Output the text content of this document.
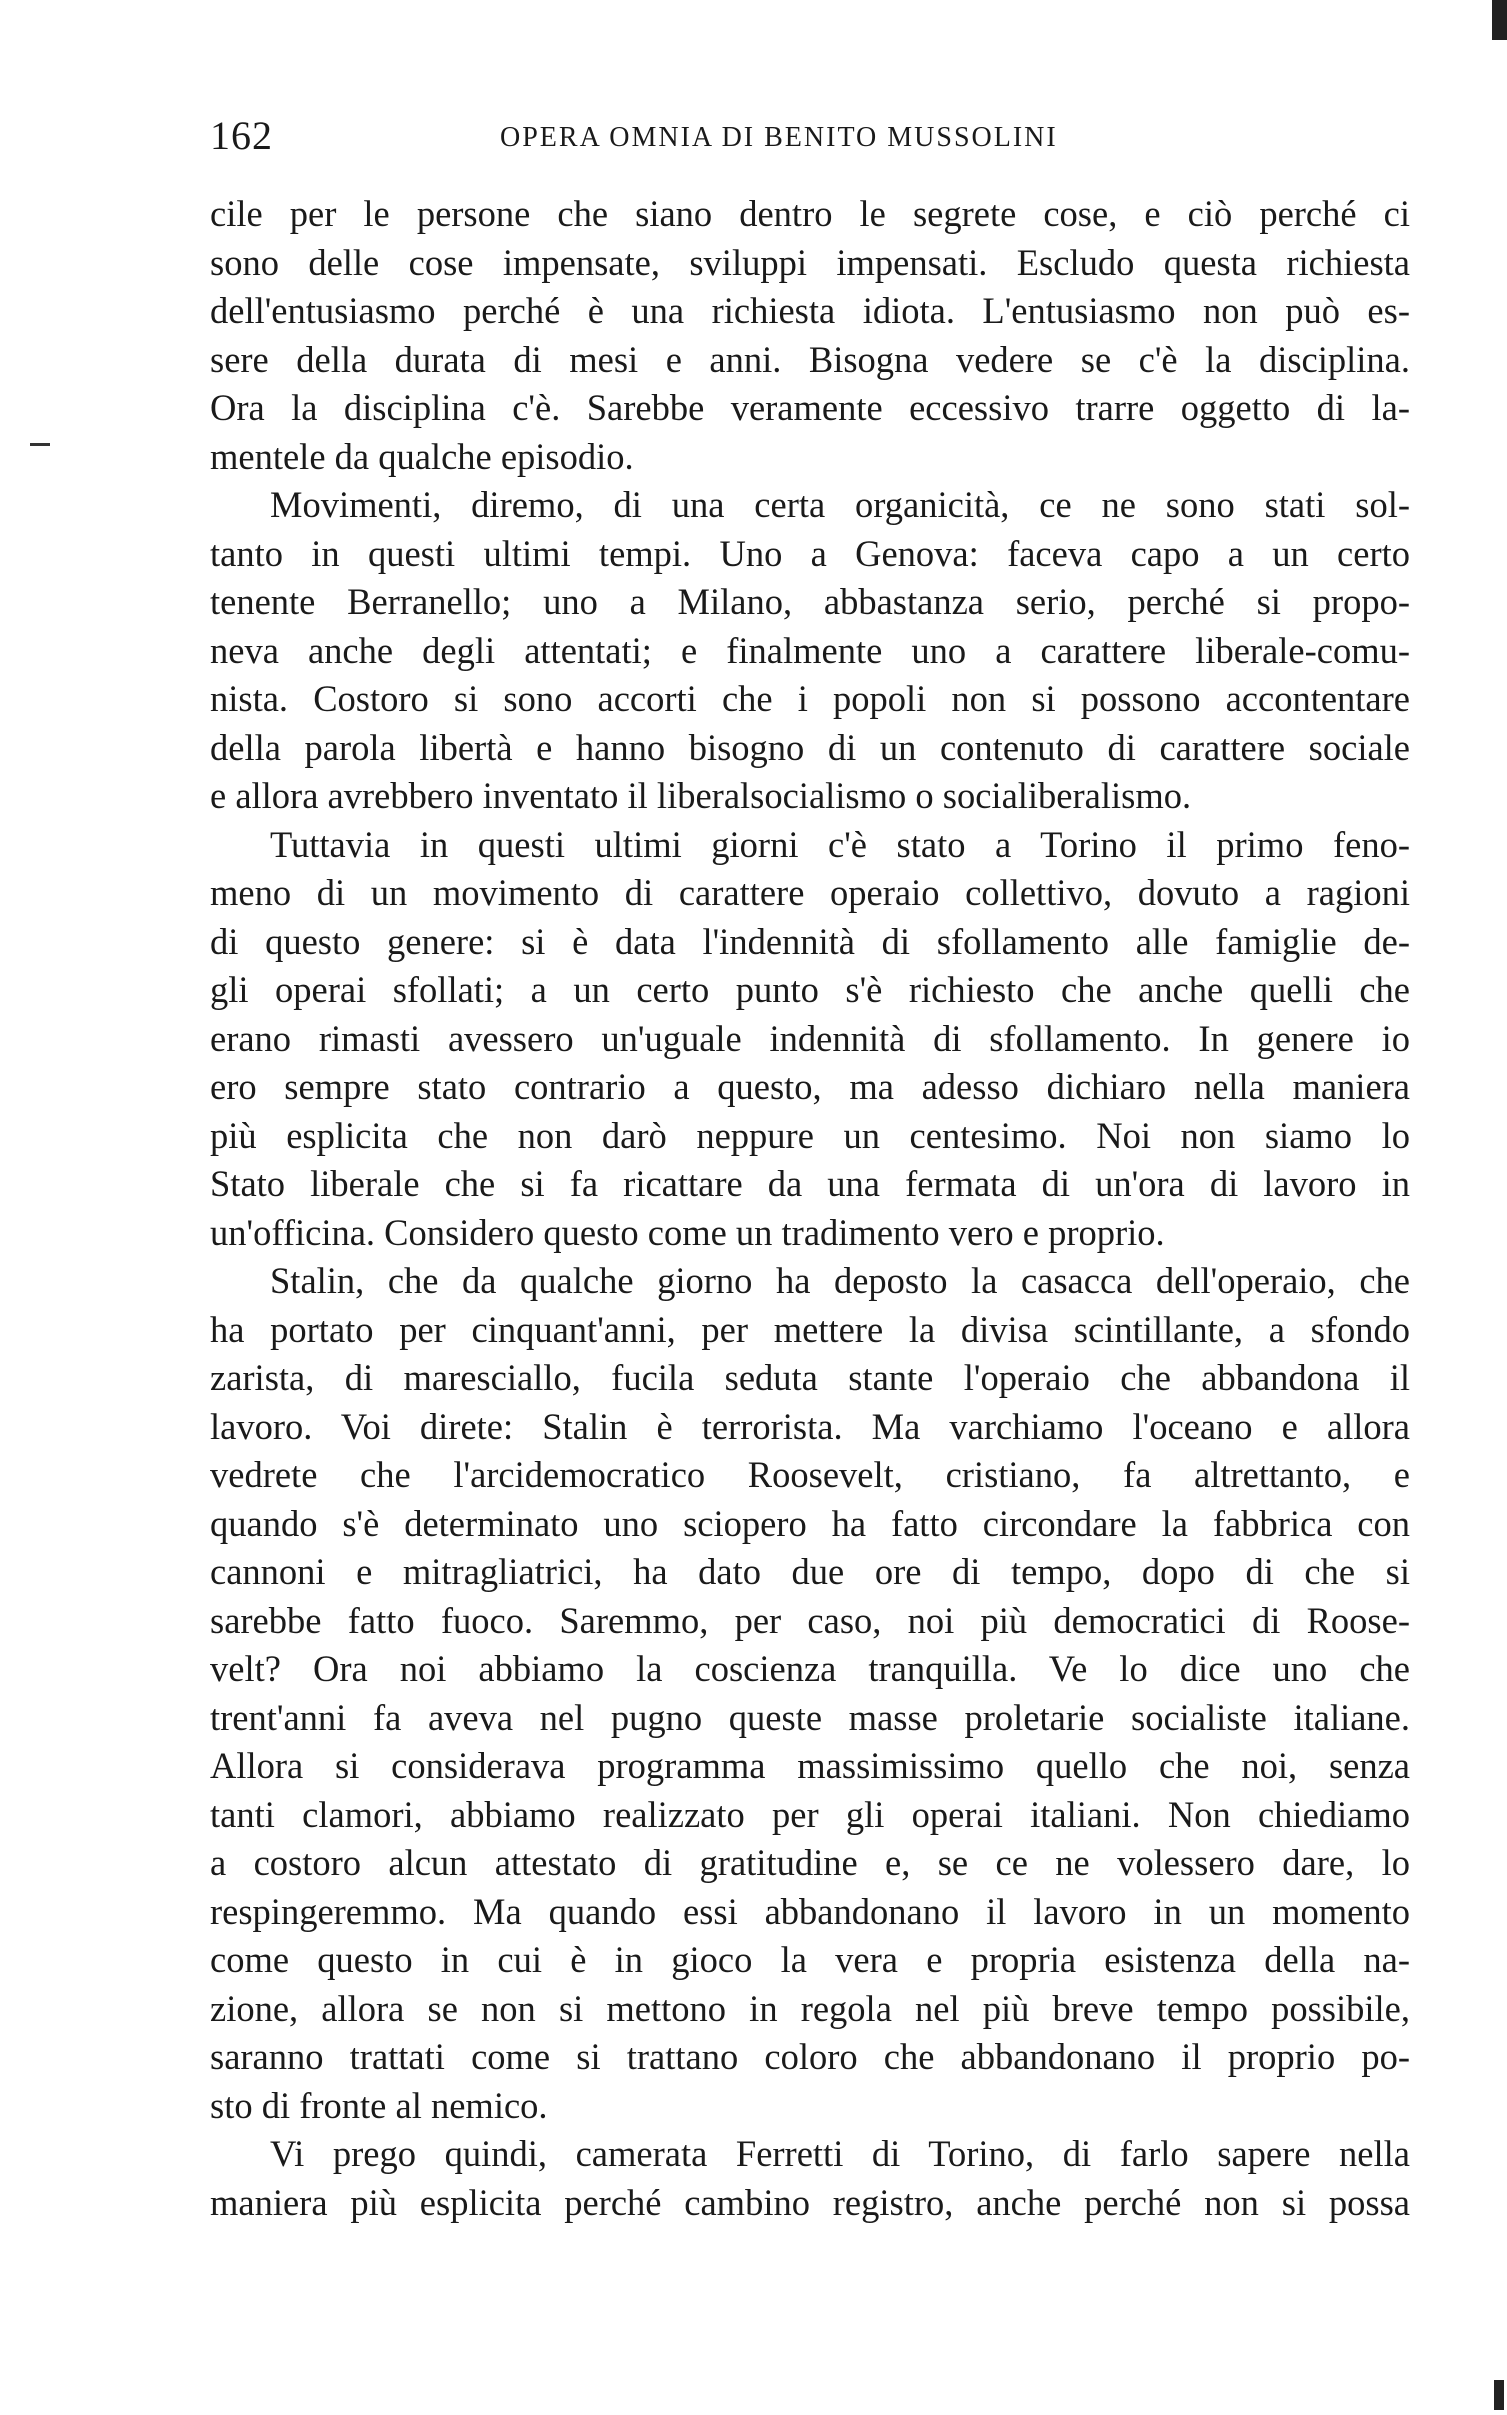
162	OPERA OMNIA DI BENITO MUSSOLINI
cile per le persone che siano dentro le segrete cose, e ciò perché ci
sono delle cose impensate, sviluppi impensati. Escludo questa richiesta
dell'entusiasmo perché è una richiesta idiota. L'entusiasmo non può es-
sere della durata di mesi e anni. Bisogna vedere se c'è la disciplina.
Ora la disciplina c'è. Sarebbe veramente eccessivo trarre oggetto di la-
mentele da qualche episodio.
Movimenti, diremo, di una certa organicità, ce ne sono stati sol-
tanto in questi ultimi tempi. Uno a Genova: faceva capo a un certo
tenente Berranello; uno a Milano, abbastanza serio, perché si propo-
neva anche degli attentati; e finalmente uno a carattere liberale-comu-
nista. Costoro si sono accorti che i popoli non si possono accontentare
della parola libertà e hanno bisogno di un contenuto di carattere sociale
e allora avrebbero inventato il liberalsocialismo o socialiberalismo.
Tuttavia in questi ultimi giorni c'è stato a Torino il primo feno-
meno di un movimento di carattere operaio collettivo, dovuto a ragioni
di questo genere: si è data l'indennità di sfollamento alle famiglie de-
gli operai sfollati; a un certo punto s'è richiesto che anche quelli che
erano rimasti avessero un'uguale indennità di sfollamento. In genere io
ero sempre stato contrario a questo, ma adesso dichiaro nella maniera
più esplicita che non darò neppure un centesimo. Noi non siamo lo
Stato liberale che si fa ricattare da una fermata di un'ora di lavoro in
un'officina. Considero questo come un tradimento vero e proprio.
Stalin, che da qualche giorno ha deposto la casacca dell'operaio, che
ha portato per cinquant'anni, per mettere la divisa scintillante, a sfondo
zarista, di maresciallo, fucila seduta stante l'operaio che abbandona il
lavoro. Voi direte: Stalin è terrorista. Ma varchiamo l'oceano e allora
vedrete che l'arcidemocratico Roosevelt, cristiano, fa altrettanto, e
quando s'è determinato uno sciopero ha fatto circondare la fabbrica con
cannoni e mitragliatrici, ha dato due ore di tempo, dopo di che si
sarebbe fatto fuoco. Saremmo, per caso, noi più democratici di Roose-
velt? Ora noi abbiamo la coscienza tranquilla. Ve lo dice uno che
trent'anni fa aveva nel pugno queste masse proletarie socialiste italiane.
Allora si considerava programma massimissimo quello che noi, senza
tanti clamori, abbiamo realizzato per gli operai italiani. Non chiediamo
a costoro alcun attestato di gratitudine e, se ce ne volessero dare, lo
respingeremmo. Ma quando essi abbandonano il lavoro in un momento
come questo in cui è in gioco la vera e propria esistenza della na-
zione, allora se non si mettono in regola nel più breve tempo possibile,
saranno trattati come si trattano coloro che abbandonano il proprio po-
sto di fronte al nemico.
Vi prego quindi, camerata Ferretti di Torino, di farlo sapere nella
maniera più esplicita perché cambino registro, anche perché non si possa
